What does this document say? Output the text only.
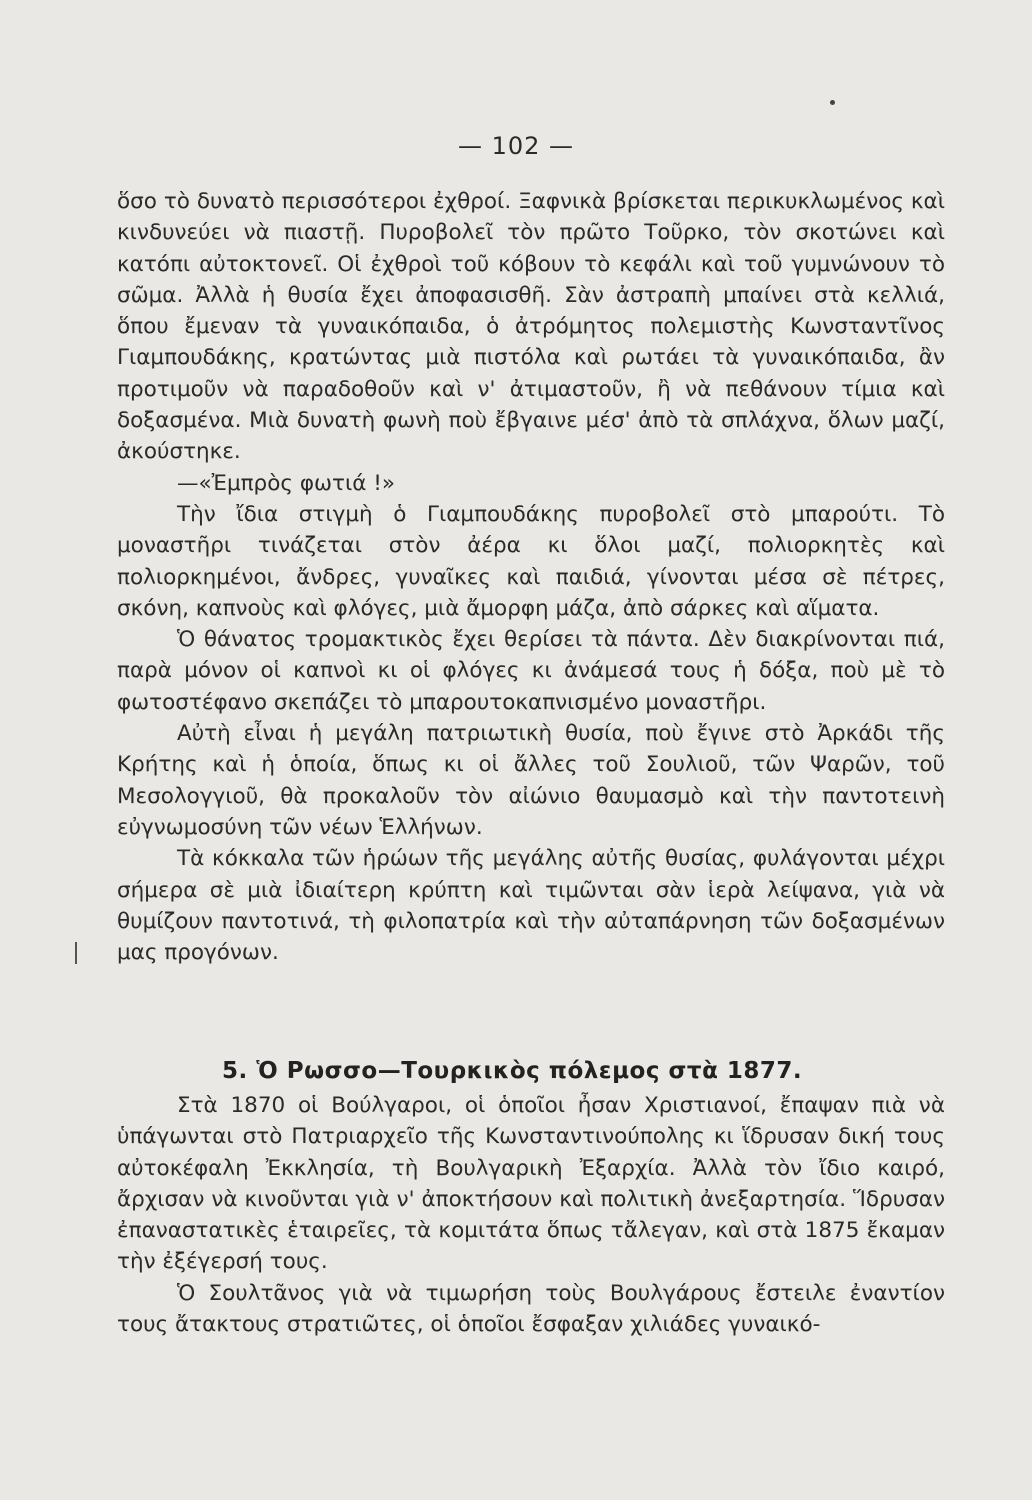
— 102 —

ὅσο τὸ δυνατὸ περισσότεροι ἐχθροί. Ξαφνικὰ βρίσκεται περικυκλωμένος καὶ κινδυνεύει νὰ πιαστῇ. Πυροβολεῖ τὸν πρῶτο Τοῦρκο, τὸν σκοτώνει καὶ κατόπι αὐτοκτονεῖ. Οἱ ἐχθροὶ τοῦ κόβουν τὸ κεφάλι καὶ τοῦ γυμνώνουν τὸ σῶμα. Ἀλλὰ ἡ θυσία ἔχει ἀποφασισθῆ. Σὰν ἀστραπὴ μπαίνει στὰ κελλιά, ὅπου ἔμεναν τὰ γυναικόπαιδα, ὁ ἀτρόμητος πολεμιστὴς Κωνσταντῖνος Γιαμπουδάκης, κρατώντας μιὰ πιστόλα καὶ ρωτάει τὰ γυναικόπαιδα, ἂν προτιμοῦν νὰ παραδοθοῦν καὶ ν' ἀτιμαστοῦν, ἢ νὰ πεθάνουν τίμια καὶ δοξασμένα. Μιὰ δυνατὴ φωνὴ ποὺ ἔβγαινε μέσ' ἀπὸ τὰ σπλάχνα, ὅλων μαζί, ἀκούστηκε.

—«Ἐμπρὸς φωτιά !»

Τὴν ἴδια στιγμὴ ὁ Γιαμπουδάκης πυροβολεῖ στὸ μπαρούτι. Τὸ μοναστῆρι τινάζεται στὸν ἀέρα κι ὅλοι μαζί, πολιορκητὲς καὶ πολιορκημένοι, ἄνδρες, γυναῖκες καὶ παιδιά, γίνονται μέσα σὲ πέτρες, σκόνη, καπνοὺς καὶ φλόγες, μιὰ ἄμορφη μάζα, ἀπὸ σάρκες καὶ αἵματα.

Ὁ θάνατος τρομακτικὸς ἔχει θερίσει τὰ πάντα. Δὲν διακρίνονται πιά, παρὰ μόνον οἱ καπνοὶ κι οἱ φλόγες κι ἀνάμεσά τους ἡ δόξα, ποὺ μὲ τὸ φωτοστέφανο σκεπάζει τὸ μπαρουτοκαπνισμένο μοναστῆρι.

Αὐτὴ εἶναι ἡ μεγάλη πατριωτικὴ θυσία, ποὺ ἔγινε στὸ Ἀρκάδι τῆς Κρήτης καὶ ἡ ὁποία, ὅπως κι οἱ ἄλλες τοῦ Σουλιοῦ, τῶν Ψαρῶν, τοῦ Μεσολογγιοῦ, θὰ προκαλοῦν τὸν αἰώνιο θαυμασμὸ καὶ τὴν παντοτεινὴ εὐγνωμοσύνη τῶν νέων Ἑλλήνων.

Τὰ κόκκαλα τῶν ἡρώων τῆς μεγάλης αὐτῆς θυσίας, φυλάγονται μέχρι σήμερα σὲ μιὰ ἰδιαίτερη κρύπτη καὶ τιμῶνται σὰν ἱερὰ λείψανα, γιὰ νὰ θυμίζουν παντοτινά, τὴ φιλοπατρία καὶ τὴν αὐταπάρνηση τῶν δοξασμένων μας προγόνων.

5. Ὁ Ρωσσο—Τουρκικὸς πόλεμος στὰ 1877.

Στὰ 1870 οἱ Βούλγαροι, οἱ ὁποῖοι ἦσαν Χριστιανοί, ἔπαψαν πιὰ νὰ ὑπάγωνται στὸ Πατριαρχεῖο τῆς Κωνσταντινούπολης κι ἵδρυσαν δική τους αὐτοκέφαλη Ἐκκλησία, τὴ Βουλγαρικὴ Ἐξαρχία. Ἀλλὰ τὸν ἴδιο καιρό, ἄρχισαν νὰ κινοῦνται γιὰ ν' ἀποκτήσουν καὶ πολιτικὴ ἀνεξαρτησία. Ἵδρυσαν ἐπαναστατικὲς ἑταιρεῖες, τὰ κομιτάτα ὅπως τἄλεγαν, καὶ στὰ 1875 ἔκαμαν τὴν ἐξέγερσή τους.

Ὁ Σουλτᾶνος γιὰ νὰ τιμωρήση τοὺς Βουλγάρους ἔστειλε ἐναντίον τους ἄτακτους στρατιῶτες, οἱ ὁποῖοι ἔσφαξαν χιλιάδες γυναικό-
